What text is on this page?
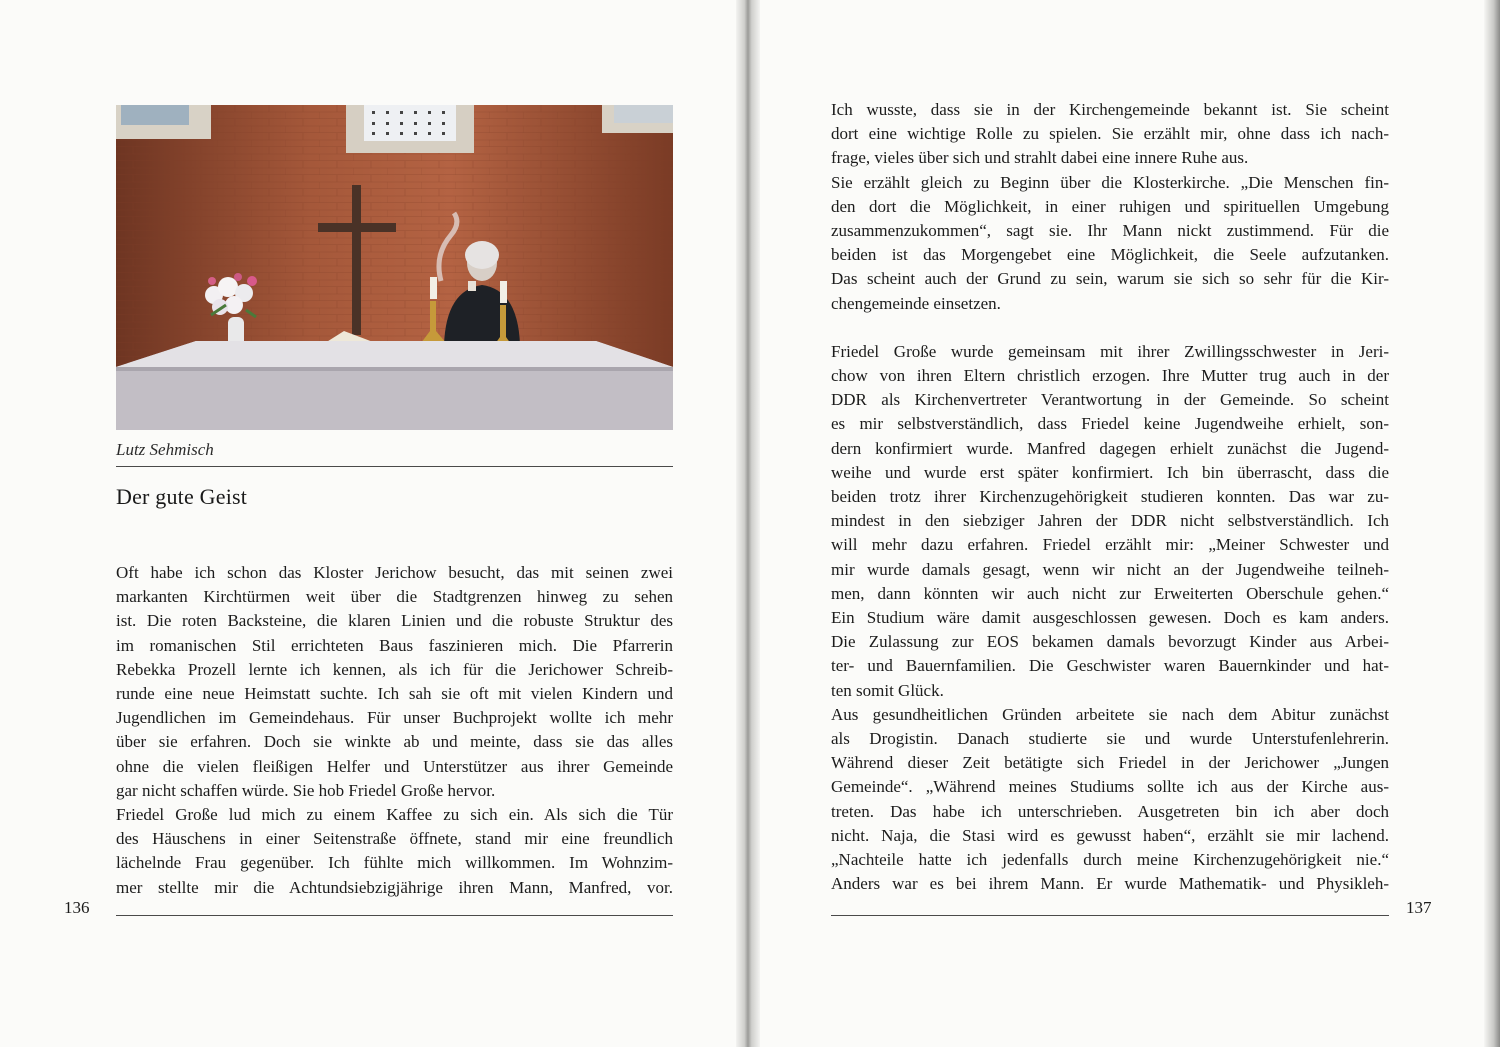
Lutz Sehmisch
Der gute Geist

Oft habe ich schon das Kloster Jerichow besucht, das mit seinen zwei

markanten Kirchtürmen weit über die Stadtgrenzen hinweg zu sehen

ist. Die roten Backsteine, die klaren Linien und die robuste Struktur des

im romanischen Stil errichteten Baus faszinieren mich. Die Pfarrerin

Rebekka Prozell lernte ich kennen, als ich für die Jerichower Schreib-

runde eine neue Heimstatt suchte. Ich sah sie oft mit vielen Kindern und

Jugendlichen im Gemeindehaus. Für unser Buchprojekt wollte ich mehr

über sie erfahren. Doch sie winkte ab und meinte, dass sie das alles

ohne die vielen fleißigen Helfer und Unterstützer aus ihrer Gemeinde

gar nicht schaffen würde. Sie hob Friedel Große hervor.

Friedel Große lud mich zu einem Kaffee zu sich ein. Als sich die Tür

des Häuschens in einer Seitenstraße öffnete, stand mir eine freundlich

lächelnde Frau gegenüber. Ich fühlte mich willkommen. Im Wohnzim-

mer stellte mir die Achtundsiebzigjährige ihren Mann, Manfred, vor.

136

Ich wusste, dass sie in der Kirchengemeinde bekannt ist. Sie scheint

dort eine wichtige Rolle zu spielen. Sie erzählt mir, ohne dass ich nach-

frage, vieles über sich und strahlt dabei eine innere Ruhe aus.

Sie erzählt gleich zu Beginn über die Klosterkirche. „Die Menschen fin-

den dort die Möglichkeit, in einer ruhigen und spirituellen Umgebung

zusammenzukommen“, sagt sie. Ihr Mann nickt zustimmend. Für die

beiden ist das Morgengebet eine Möglichkeit, die Seele aufzutanken.

Das scheint auch der Grund zu sein, warum sie sich so sehr für die Kir-

chengemeinde einsetzen.

Friedel Große wurde gemeinsam mit ihrer Zwillingsschwester in Jeri-

chow von ihren Eltern christlich erzogen. Ihre Mutter trug auch in der

DDR als Kirchenvertreter Verantwortung in der Gemeinde. So scheint

es mir selbstverständlich, dass Friedel keine Jugendweihe erhielt, son-

dern konfirmiert wurde. Manfred dagegen erhielt zunächst die Jugend-

weihe und wurde erst später konfirmiert. Ich bin überrascht, dass die

beiden trotz ihrer Kirchenzugehörigkeit studieren konnten. Das war zu-

mindest in den siebziger Jahren der DDR nicht selbstverständlich. Ich

will mehr dazu erfahren. Friedel erzählt mir: „Meiner Schwester und

mir wurde damals gesagt, wenn wir nicht an der Jugendweihe teilneh-

men, dann könnten wir auch nicht zur Erweiterten Oberschule gehen.“

Ein Studium wäre damit ausgeschlossen gewesen. Doch es kam anders.

Die Zulassung zur EOS bekamen damals bevorzugt Kinder aus Arbei-

ter- und Bauernfamilien. Die Geschwister waren Bauernkinder und hat-

ten somit Glück.

Aus gesundheitlichen Gründen arbeitete sie nach dem Abitur zunächst

als Drogistin. Danach studierte sie und wurde Unterstufenlehrerin.

Während dieser Zeit betätigte sich Friedel in der Jerichower „Jungen

Gemeinde“. „Während meines Studiums sollte ich aus der Kirche aus-

treten. Das habe ich unterschrieben. Ausgetreten bin ich aber doch

nicht. Naja, die Stasi wird es gewusst haben“, erzählt sie mir lachend.

„Nachteile hatte ich jedenfalls durch meine Kirchenzugehörigkeit nie.“

Anders war es bei ihrem Mann. Er wurde Mathematik- und Physikleh-

137
